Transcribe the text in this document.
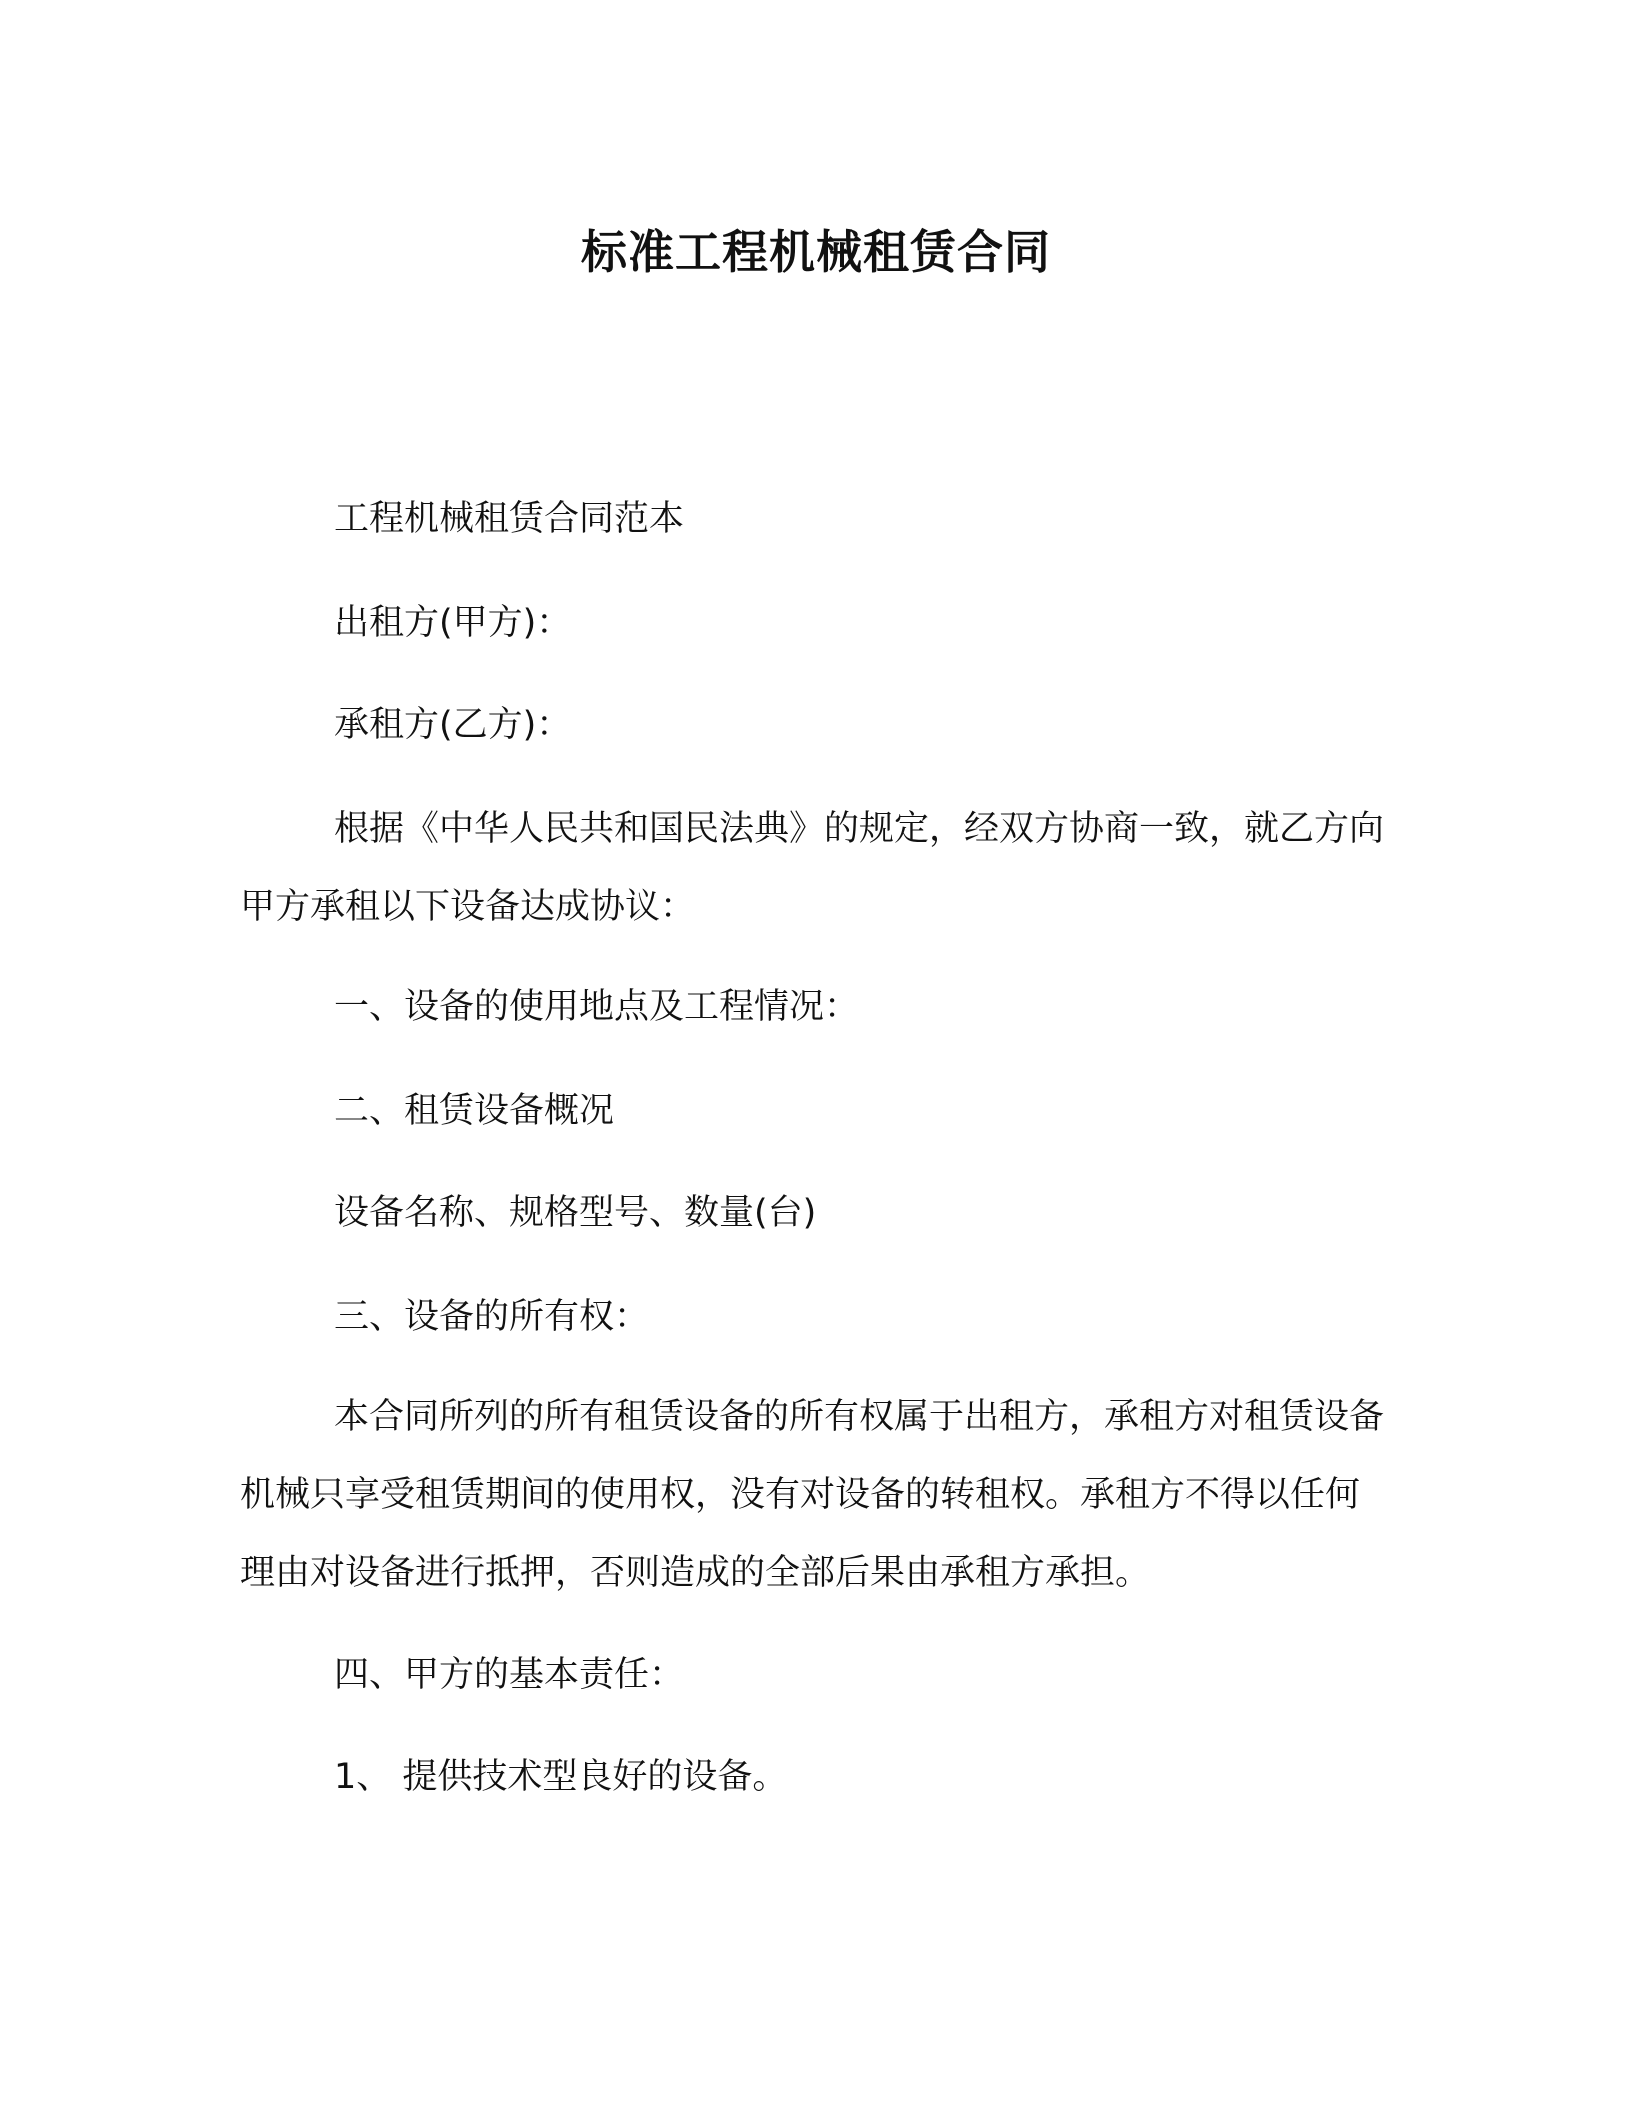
标准工程机械租赁合同

工程机械租赁合同范本

出租方(甲方)：

承租方(乙方)：

根据《中华人民共和国民法典》的规定，经双方协商一致，就乙方向甲方承租以下设备达成协议：

一、设备的使用地点及工程情况：

二、租赁设备概况

设备名称、规格型号、数量(台)

三、设备的所有权：

本合同所列的所有租赁设备的所有权属于出租方，承租方对租赁设备机械只享受租赁期间的使用权，没有对设备的转租权。承租方不得以任何理由对设备进行抵押，否则造成的全部后果由承租方承担。

四、甲方的基本责任：

1、 提供技术型良好的设备。
